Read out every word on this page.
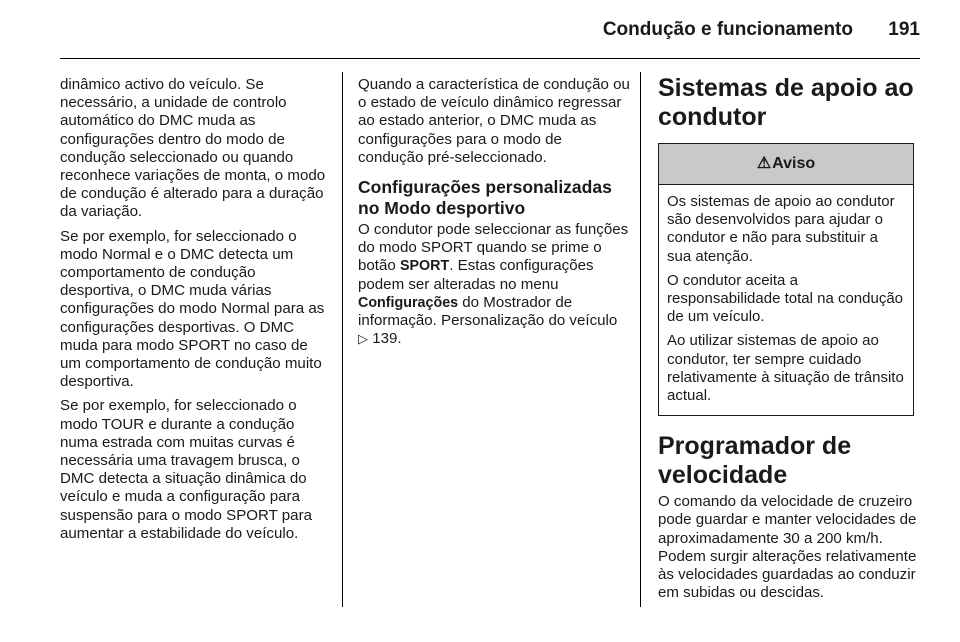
Condução e funcionamento	191

dinâmico activo do veículo. Se necessário, a unidade de controlo automático do DMC muda as configurações dentro do modo de condução seleccionado ou quando reconhece variações de monta, o modo de condução é alterado para a duração da variação.

Se por exemplo, for seleccionado o modo Normal e o DMC detecta um comportamento de condução desportiva, o DMC muda várias configurações do modo Normal para as configurações desportivas. O DMC muda para modo SPORT no caso de um comportamento de condução muito desportiva.

Se por exemplo, for seleccionado o modo TOUR e durante a condução numa estrada com muitas curvas é necessária uma travagem brusca, o DMC detecta a situação dinâmica do veículo e muda a configuração para suspensão para o modo SPORT para aumentar a estabilidade do veículo.

Quando a característica de condução ou o estado de veículo dinâmico regressar ao estado anterior, o DMC muda as configurações para o modo de condução pré-seleccionado.

Configurações personalizadas no Modo desportivo

O condutor pode seleccionar as funções do modo SPORT quando se prime o botão SPORT. Estas configurações podem ser alteradas no menu Configurações do Mostrador de informação. Personalização do veículo ▷ 139.

Sistemas de apoio ao condutor
⚠Aviso

Os sistemas de apoio ao condutor são desenvolvidos para ajudar o condutor e não para substituir a sua atenção.

O condutor aceita a responsabilidade total na condução de um veículo.

Ao utilizar sistemas de apoio ao condutor, ter sempre cuidado relativamente à situação de trânsito actual.

Programador de velocidade

O comando da velocidade de cruzeiro pode guardar e manter velocidades de aproximadamente 30 a 200 km/h. Podem surgir alterações relativamente às velocidades guardadas ao conduzir em subidas ou descidas.
